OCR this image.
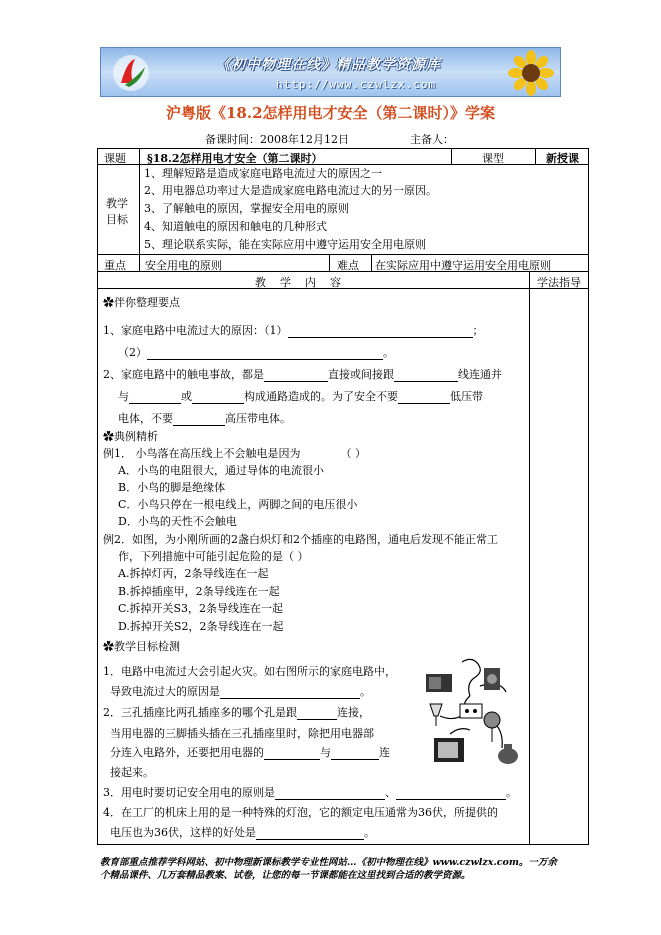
《初中物理在线》精品教学资源库
http://www.czwlzx.com
沪粤版《18.2怎样用电才安全（第二课时）》学案
备课时间：2008年12月12日	主备人：
课题 §18.2怎样用电才安全（第二课时）	课型	新授课
教学
目标
1、理解短路是造成家庭电路电流过大的原因之一
2、用电器总功率过大是造成家庭电路电流过大的另一原因。
3、了解触电的原因，掌握安全用电的原则
4、知道触电的原因和触电的几种形式
5、理论联系实际，能在实际应用中遵守运用安全用电原则
重点 安全用电的原则	难点 在实际应用中遵守运用安全用电原则
教    学    内    容	学法指导
✿伴你整理要点
1、家庭电路中电流过大的原因：（1）	；
（2）	。
2、家庭电路中的触电事故，都是	直接或间接跟	线连通并
与	或	构成通路造成的。为了安全不要	低压带
电体，不要	高压带电体。
✿典例精析
例1． 小鸟落在高压线上不会触电是因为	（ ）
A．小鸟的电阻很大，通过导体的电流很小
B．小鸟的脚是绝缘体
C．小鸟只停在一根电线上，两脚之间的电压很小
D．小鸟的天性不会触电
例2．如图，为小刚所画的2盏白炽灯和2个插座的电路图，通电后发现不能正常工
作，下列措施中可能引起危险的是（ ）
A.拆掉灯丙，2条导线连在一起
B.拆掉插座甲，2条导线连在一起
C.拆掉开关S3，2条导线连在一起
D.拆掉开关S2，2条导线连在一起
✿教学目标检测
1．电路中电流过大会引起火灾。如右图所示的家庭电路中，
导致电流过大的原因是	。
2．三孔插座比两孔插座多的哪个孔是跟	连接，
当用电器的三脚插头插在三孔插座里时，除把用电器部
分连入电路外，还要把用电器的	与	连
接起来。
3．用电时要切记安全用电的原则是	、	。
4．在工厂的机床上用的是一种特殊的灯泡，它的额定电压通常为36伏，所提供的
电压也为36伏，这样的好处是	。
教育部重点推荐学科网站、初中物理新课标教学专业性网站…《初中物理在线》www.czwlzx.com。一万余
个精品课件、几万套精品教案、试卷，让您的每一节课都能在这里找到合适的教学资源。
